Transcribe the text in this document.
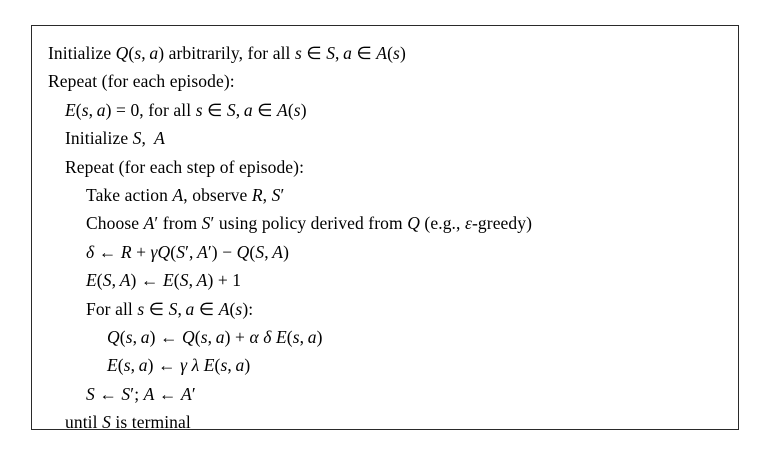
Initialize Q(s, a) arbitrarily, for all s ∈ S, a ∈ A(s)
Repeat (for each episode):
E(s, a) = 0, for all s ∈ S, a ∈ A(s)
Initialize S,  A
Repeat (for each step of episode):
Take action A, observe R, S′
Choose A′ from S′ using policy derived from Q (e.g., ε-greedy)
δ ← R + γQ(S′, A′) − Q(S, A)
E(S, A) ← E(S, A) + 1
For all s ∈ S, a ∈ A(s):
Q(s, a) ← Q(s, a) + α δ E(s, a)
E(s, a) ← γ λ E(s, a)
S ← S′; A ← A′
until S is terminal
